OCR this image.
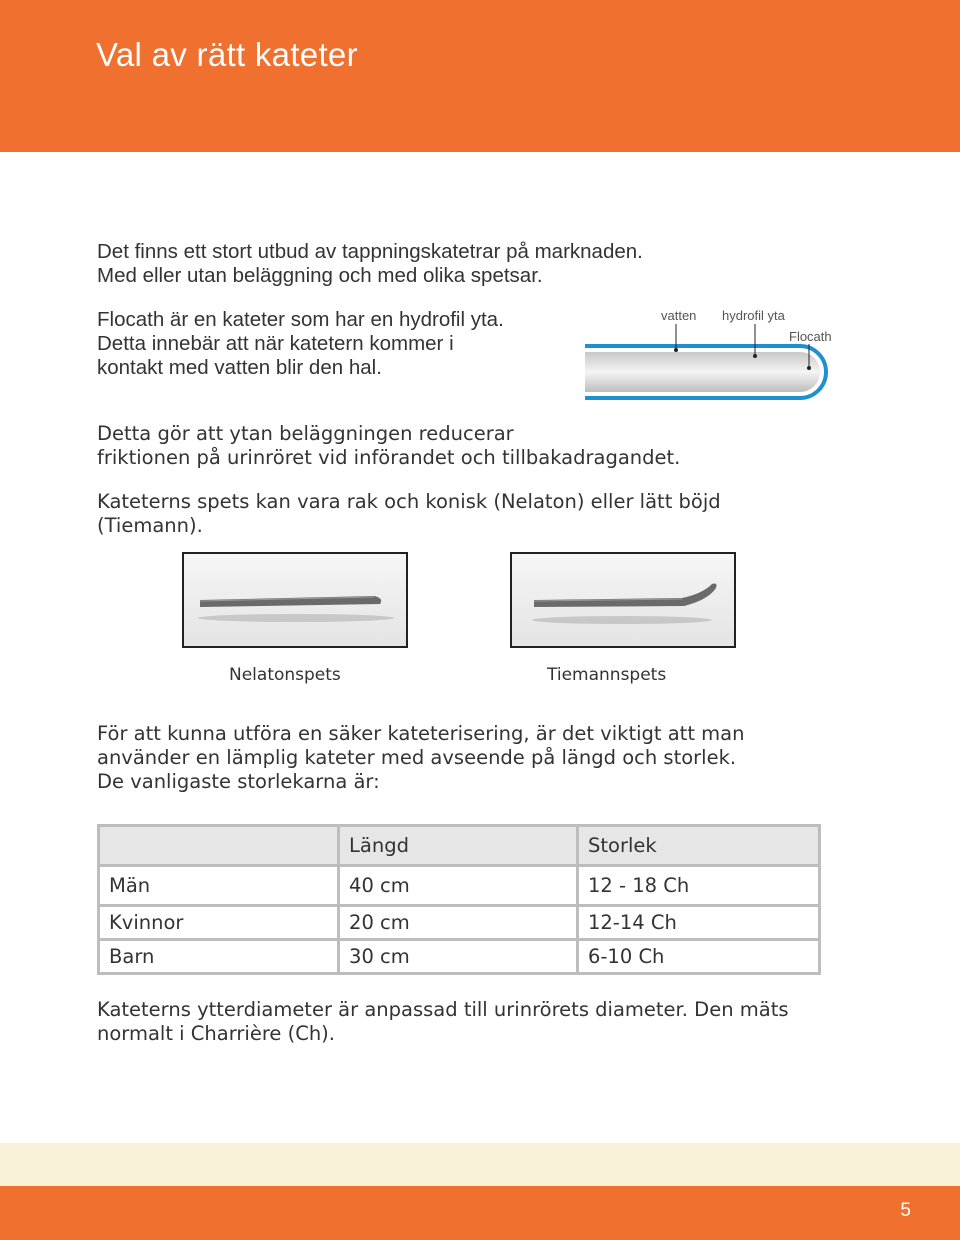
Val av rätt kateter

Det finns ett stort utbud av tappningskatetrar på marknaden.
Med eller utan beläggning och med olika spetsar.

Flocath är en kateter som har en hydrofil yta.
Detta innebär att när katetern kommer i
kontakt med vatten blir den hal.

vatten hydrofil yta
Flocath

Detta gör att ytan beläggningen reducerar
friktionen på urinröret vid införandet och tillbakadragandet.

Kateterns spets kan vara rak och konisk (Nelaton) eller lätt böjd
(Tiemann).

Nelatonspets	Tiemannspets

För att kunna utföra en säker kateterisering, är det viktigt att man
använder en lämplig kateter med avseende på längd och storlek.
De vanligaste storlekarna är:

	Längd	Storlek
Män	40 cm	12 - 18 Ch
Kvinnor	20 cm	12-14 Ch
Barn	30 cm	6-10 Ch

Kateterns ytterdiameter är anpassad till urinrörets diameter. Den mäts
normalt i Charrière (Ch).

5
